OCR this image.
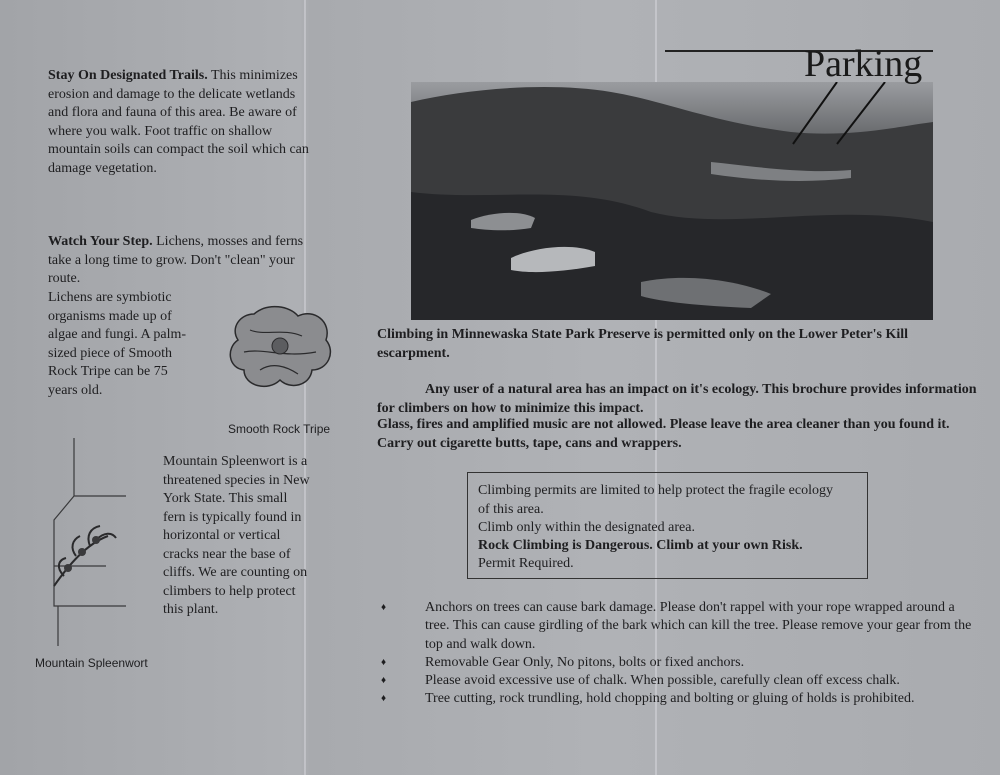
Stay On Designated Trails. This minimizes erosion and damage to the delicate wetlands and flora and fauna of this area. Be aware of where you walk. Foot traffic on shallow mountain soils can compact the soil which can damage vegetation.
Watch Your Step. Lichens, mosses and ferns take a long time to grow. Don't "clean" your route.
Lichens are symbiotic organisms made up of algae and fungi. A palm-sized piece of Smooth Rock Tripe can be 75 years old.
Smooth Rock Tripe
Mountain Spleenwort is a threatened species in New York State. This small fern is typically found in horizontal or vertical cracks near the base of cliffs. We are counting on climbers to help protect this plant.
Mountain Spleenwort
Parking
Climbing in Minnewaska State Park Preserve is permitted only on the Lower Peter's Kill escarpment.
Any user of a natural area has an impact on it's ecology. This brochure provides information for climbers on how to minimize this impact.
Glass, fires and amplified music are not allowed. Please leave the area cleaner than you found it. Carry out cigarette butts, tape, cans and wrappers.
Climbing permits are limited to help protect the fragile ecology of this area.
Climb only within the designated area.
Rock Climbing is Dangerous. Climb at your own Risk.
Permit Required.
♦	Anchors on trees can cause bark damage. Please don't rappel with your rope wrapped around a tree. This can cause girdling of the bark which can kill the tree. Please remove your gear from the top and walk down.
♦	Removable Gear Only, No pitons, bolts or fixed anchors.
♦	Please avoid excessive use of chalk. When possible, carefully clean off excess chalk.
♦	Tree cutting, rock trundling, hold chopping and bolting or gluing of holds is prohibited.
